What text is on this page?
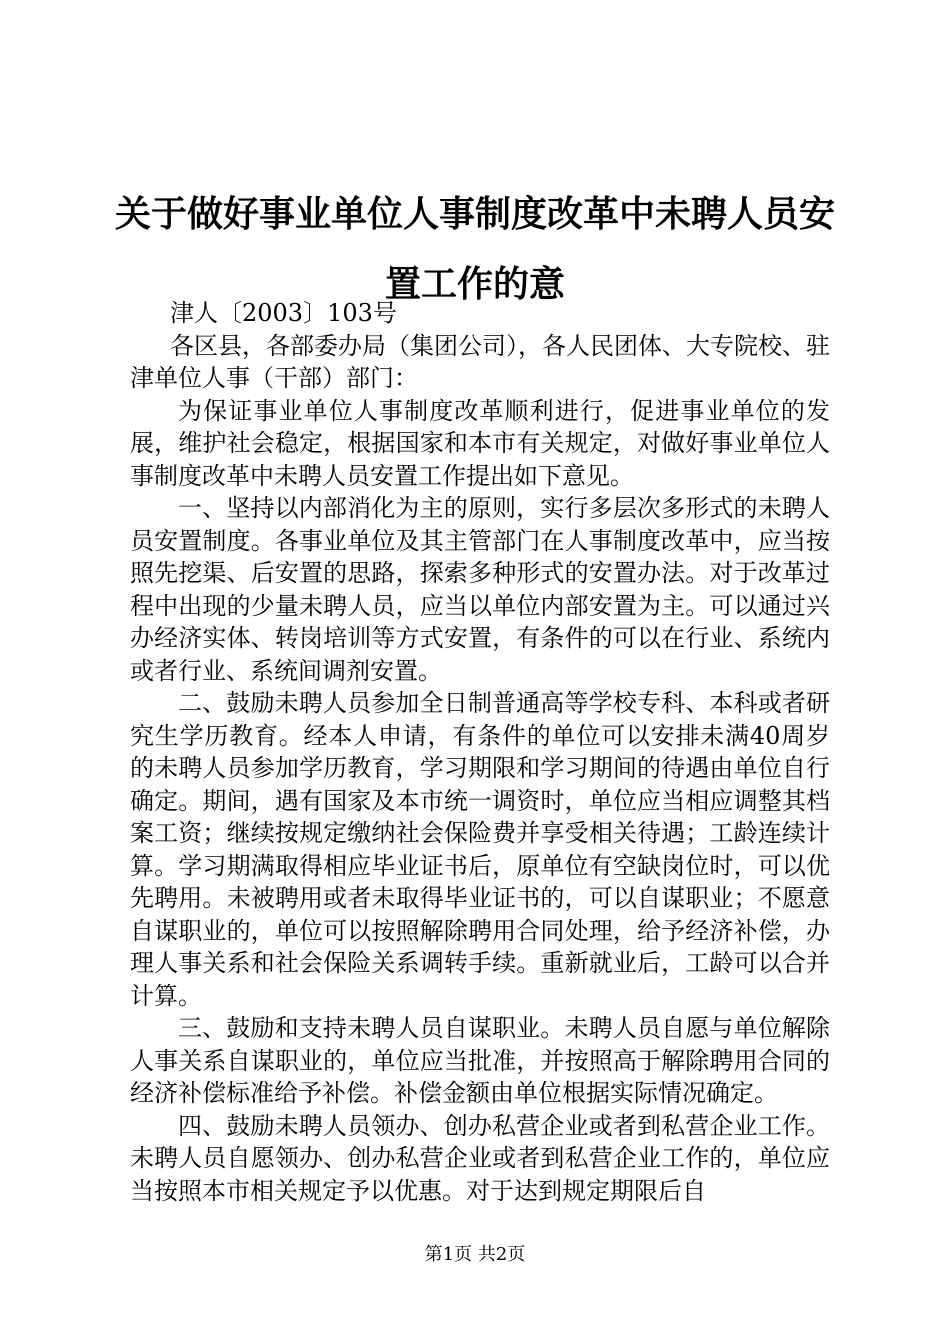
关于做好事业单位人事制度改革中未聘人员安
置工作的意

津人〔2003〕103号

各区县，各部委办局（集团公司），各人民团体、大专院校、驻津单位人事（干部）部门：

为保证事业单位人事制度改革顺利进行，促进事业单位的发展，维护社会稳定，根据国家和本市有关规定，对做好事业单位人事制度改革中未聘人员安置工作提出如下意见。

一、坚持以内部消化为主的原则，实行多层次多形式的未聘人员安置制度。各事业单位及其主管部门在人事制度改革中，应当按照先挖渠、后安置的思路，探索多种形式的安置办法。对于改革过程中出现的少量未聘人员，应当以单位内部安置为主。可以通过兴办经济实体、转岗培训等方式安置，有条件的可以在行业、系统内或者行业、系统间调剂安置。

二、鼓励未聘人员参加全日制普通高等学校专科、本科或者研究生学历教育。经本人申请，有条件的单位可以安排未满40周岁的未聘人员参加学历教育，学习期限和学习期间的待遇由单位自行确定。期间，遇有国家及本市统一调资时，单位应当相应调整其档案工资；继续按规定缴纳社会保险费并享受相关待遇；工龄连续计算。学习期满取得相应毕业证书后，原单位有空缺岗位时，可以优先聘用。未被聘用或者未取得毕业证书的，可以自谋职业；不愿意自谋职业的，单位可以按照解除聘用合同处理，给予经济补偿，办理人事关系和社会保险关系调转手续。重新就业后，工龄可以合并计算。

三、鼓励和支持未聘人员自谋职业。未聘人员自愿与单位解除人事关系自谋职业的，单位应当批准，并按照高于解除聘用合同的经济补偿标准给予补偿。补偿金额由单位根据实际情况确定。

四、鼓励未聘人员领办、创办私营企业或者到私营企业工作。未聘人员自愿领办、创办私营企业或者到私营企业工作的，单位应当按照本市相关规定予以优惠。对于达到规定期限后自

第1页 共2页
